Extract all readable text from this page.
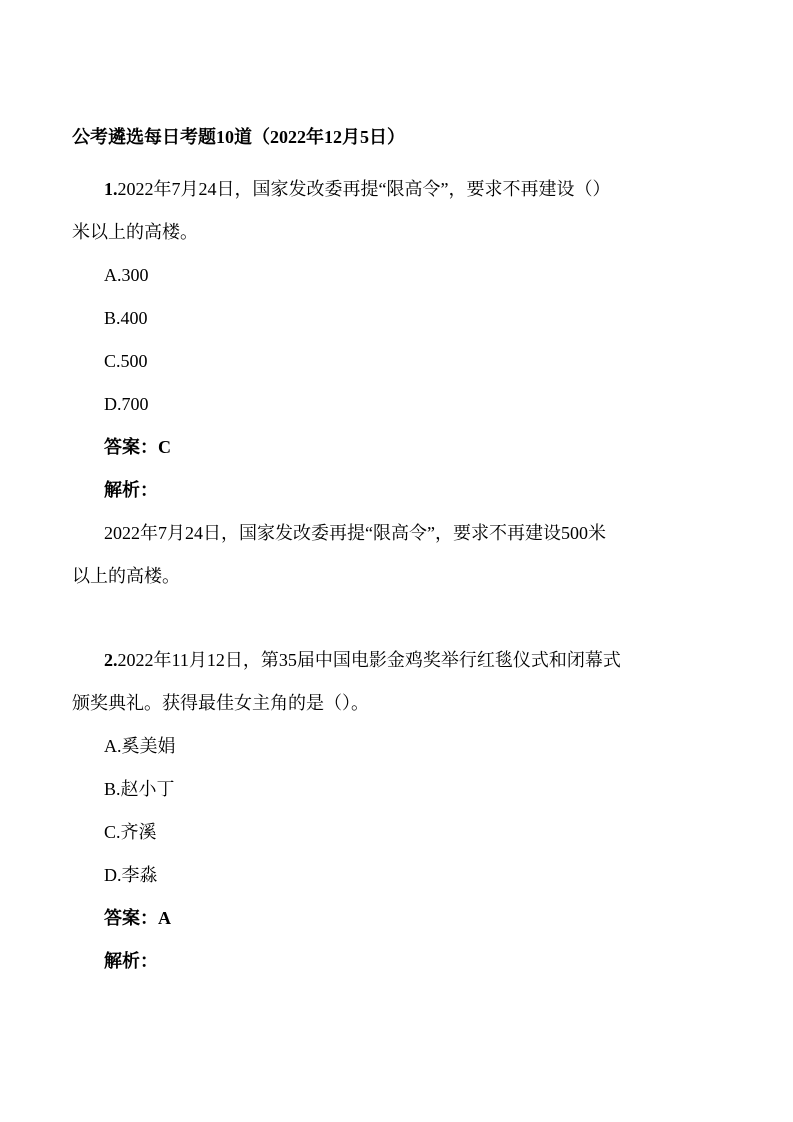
公考遴选每日考题10道（2022年12月5日）
1.2022年7月24日，国家发改委再提“限高令”，要求不再建设（）
米以上的高楼。
A.300
B.400
C.500
D.700
答案：C
解析：
2022年7月24日，国家发改委再提“限高令”，要求不再建设500米
以上的高楼。
2.2022年11月12日，第35届中国电影金鸡奖举行红毯仪式和闭幕式
颁奖典礼。获得最佳女主角的是（）。
A.奚美娟
B.赵小丁
C.齐溪
D.李淼
答案：A
解析：
